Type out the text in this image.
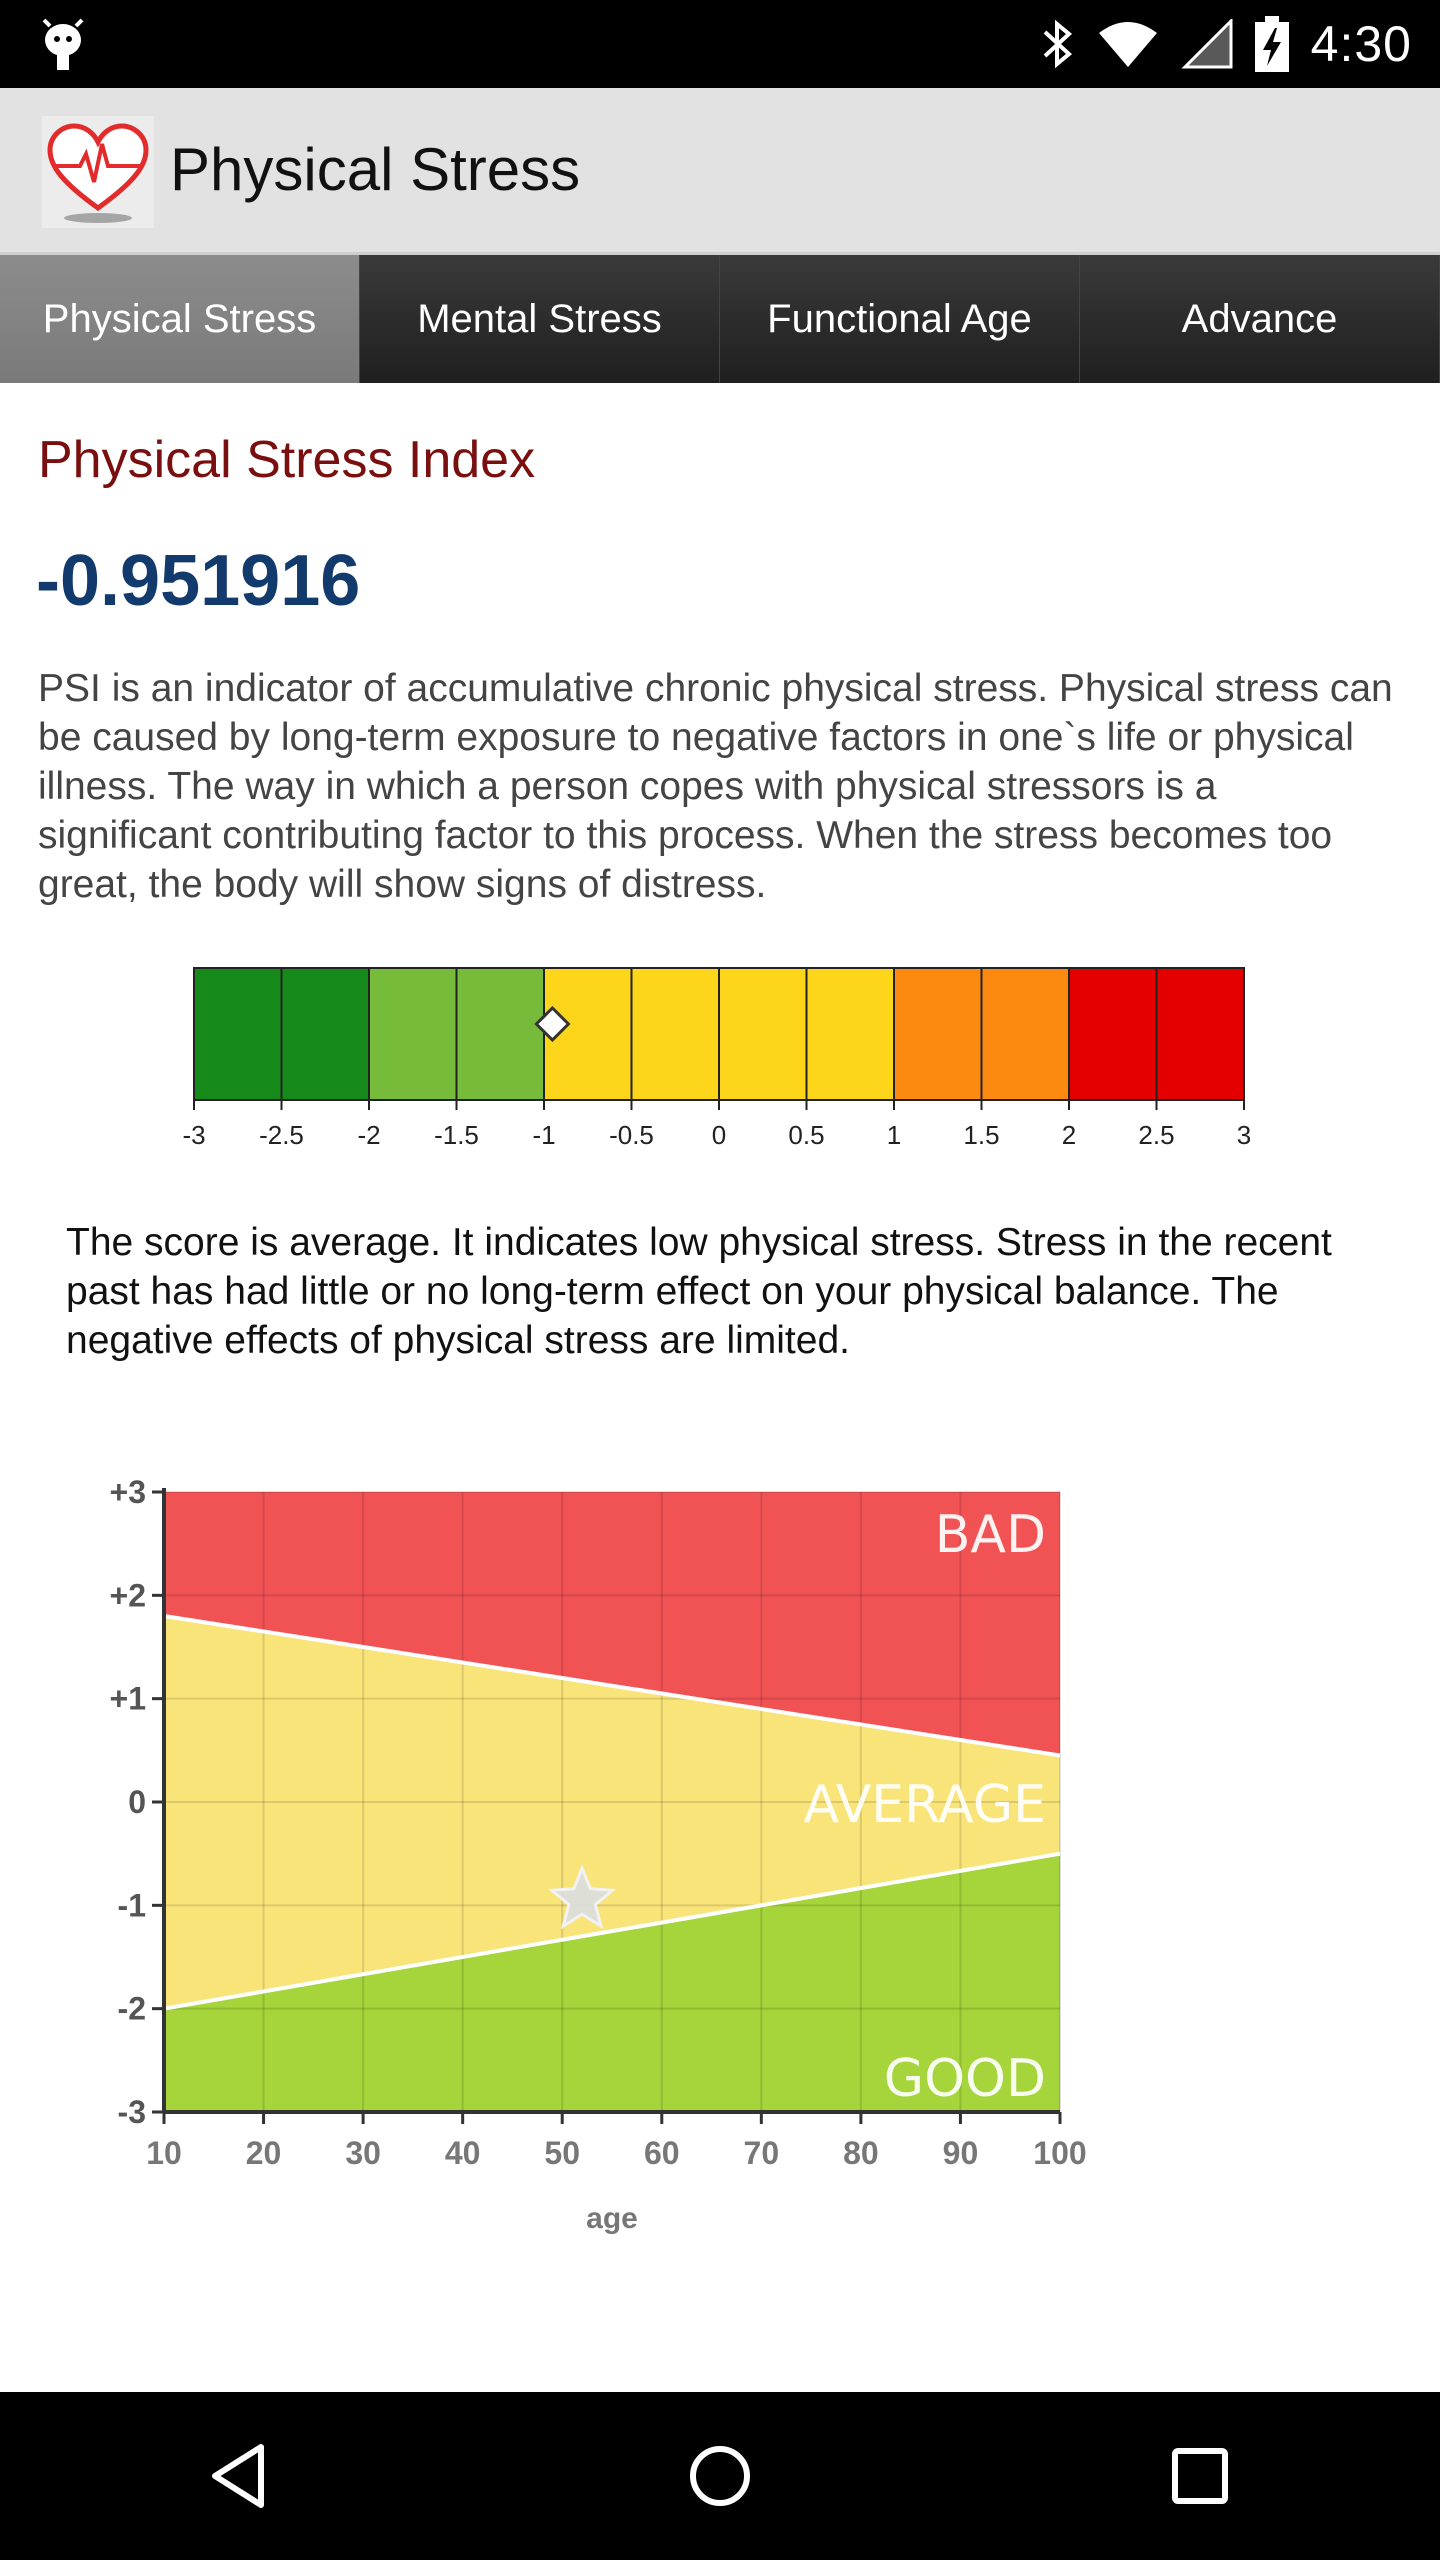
4:30
Physical Stress
Physical Stress	Mental Stress	Functional Age	Advance
Physical Stress Index
-0.951916
PSI is an indicator of accumulative chronic physical stress. Physical stress can be caused by long-term exposure to negative factors in one`s life or physical illness. The way in which a person copes with physical stressors is a significant contributing factor to this process. When the stress becomes too great, the body will show signs of distress.
-3 -2.5 -2 -1.5 -1 -0.5 0 0.5 1 1.5 2 2.5 3
The score is average. It indicates low physical stress. Stress in the recent past has had little or no long-term effect on your physical balance. The negative effects of physical stress are limited.
BAD
AVERAGE
GOOD
10 20 30 40 50 60 70 80 90 100
+3
+2
+1
0
-1
-2
-3
age
